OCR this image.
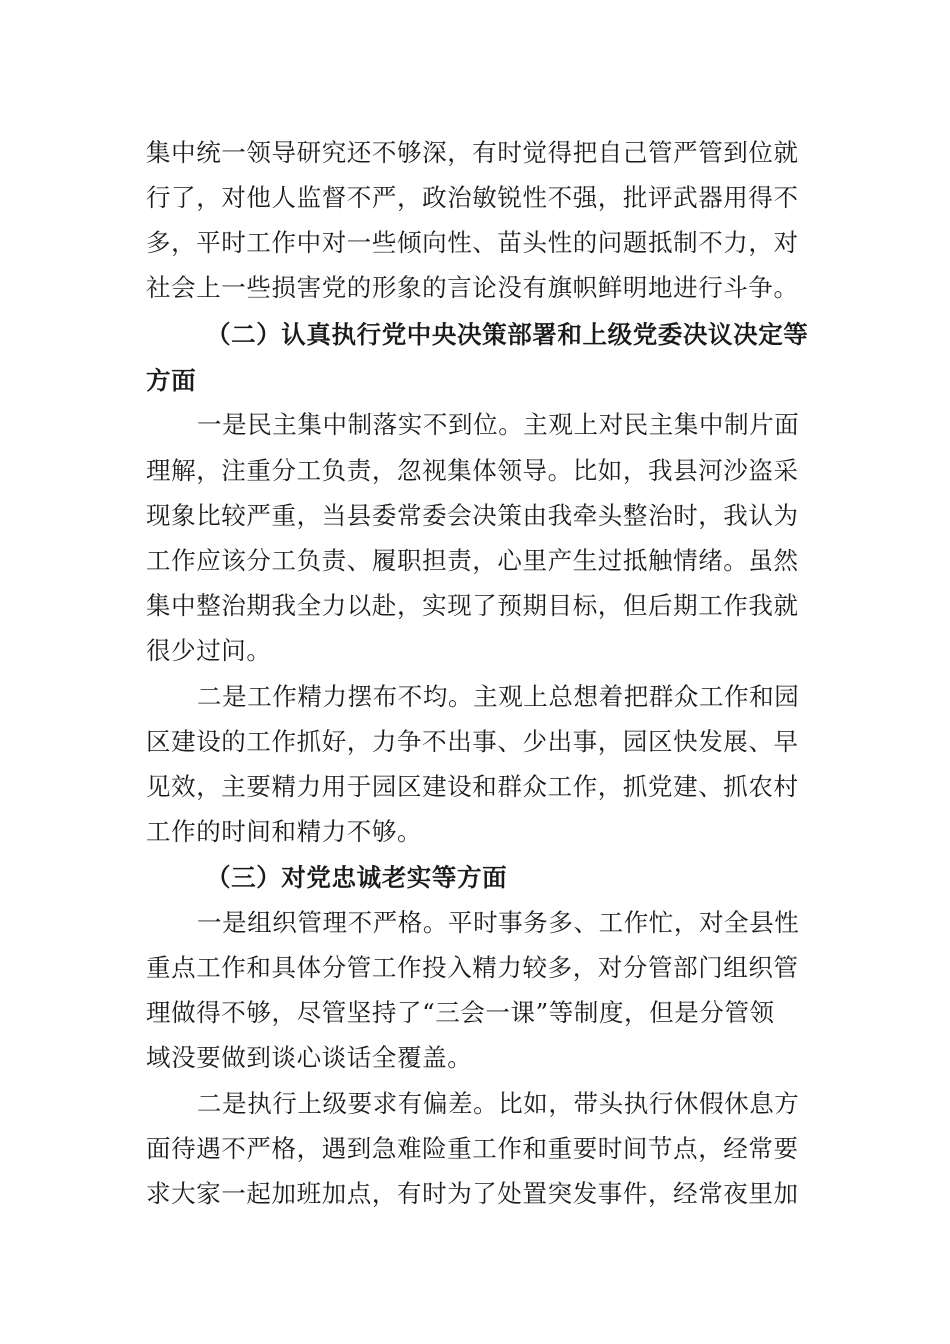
集中统一领导研究还不够深，有时觉得把自己管严管到位就
行了，对他人监督不严，政治敏锐性不强，批评武器用得不
多，平时工作中对一些倾向性、苗头性的问题抵制不力，对
社会上一些损害党的形象的言论没有旗帜鲜明地进行斗争。
（二）认真执行党中央决策部署和上级党委决议决定等
方面
一是民主集中制落实不到位。主观上对民主集中制片面
理解，注重分工负责，忽视集体领导。比如，我县河沙盗采
现象比较严重，当县委常委会决策由我牵头整治时，我认为
工作应该分工负责、履职担责，心里产生过抵触情绪。虽然
集中整治期我全力以赴，实现了预期目标，但后期工作我就
很少过问。
二是工作精力摆布不均。主观上总想着把群众工作和园
区建设的工作抓好，力争不出事、少出事，园区快发展、早
见效，主要精力用于园区建设和群众工作，抓党建、抓农村
工作的时间和精力不够。
（三）对党忠诚老实等方面
一是组织管理不严格。平时事务多、工作忙，对全县性
重点工作和具体分管工作投入精力较多，对分管部门组织管
理做得不够，尽管坚持了“三会一课”等制度，但是分管领
域没要做到谈心谈话全覆盖。
二是执行上级要求有偏差。比如，带头执行休假休息方
面待遇不严格，遇到急难险重工作和重要时间节点，经常要
求大家一起加班加点，有时为了处置突发事件，经常夜里加
